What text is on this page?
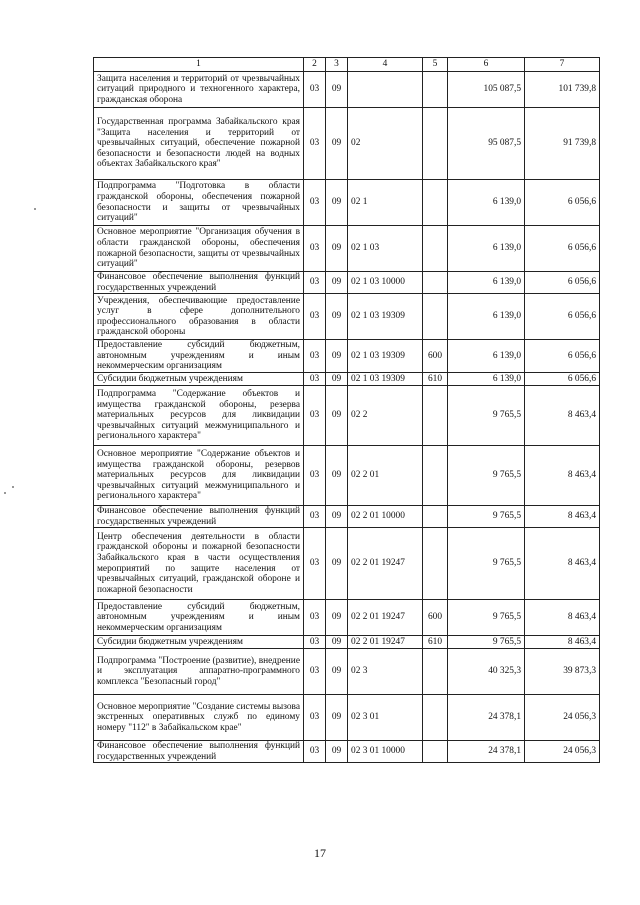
1	2	3	4	5	6	7
Защита населения и территорий от чрезвычайных ситуаций природного и техногенного характера, гражданская оборона	03	09			105 087,5	101 739,8
Государственная программа Забайкальского края "Защита населения и территорий от чрезвычайных ситуаций, обеспечение пожарной безопасности и безопасности людей на водных объектах Забайкальского края"	03	09	02		95 087,5	91 739,8
Подпрограмма "Подготовка в области гражданской обороны, обеспечения пожарной безопасности и защиты от чрезвычайных ситуаций"	03	09	02 1		6 139,0	6 056,6
Основное мероприятие "Организация обучения в области гражданской обороны, обеспечения пожарной безопасности, защиты от чрезвычайных ситуаций"	03	09	02 1 03		6 139,0	6 056,6
Финансовое обеспечение выполнения функций государственных учреждений	03	09	02 1 03 10000		6 139,0	6 056,6
Учреждения, обеспечивающие предоставление услуг в сфере дополнительного профессионального образования в области гражданской обороны	03	09	02 1 03 19309		6 139,0	6 056,6
Предоставление субсидий бюджетным, автономным учреждениям и иным некоммерческим организациям	03	09	02 1 03 19309	600	6 139,0	6 056,6
Субсидии бюджетным учреждениям	03	09	02 1 03 19309	610	6 139,0	6 056,6
Подпрограмма "Содержание объектов и имущества гражданской обороны, резерва материальных ресурсов для ликвидации чрезвычайных ситуаций межмуниципального и регионального характера"	03	09	02 2		9 765,5	8 463,4
Основное мероприятие "Содержание объектов и имущества гражданской обороны, резервов материальных ресурсов для ликвидации чрезвычайных ситуаций межмуниципального и регионального характера"	03	09	02 2 01		9 765,5	8 463,4
Финансовое обеспечение выполнения функций государственных учреждений	03	09	02 2 01 10000		9 765,5	8 463,4
Центр обеспечения деятельности в области гражданской обороны и пожарной безопасности Забайкальского края в части осуществления мероприятий по защите населения от чрезвычайных ситуаций, гражданской обороне и пожарной безопасности	03	09	02 2 01 19247		9 765,5	8 463,4
Предоставление субсидий бюджетным, автономным учреждениям и иным некоммерческим организациям	03	09	02 2 01 19247	600	9 765,5	8 463,4
Субсидии бюджетным учреждениям	03	09	02 2 01 19247	610	9 765,5	8 463,4
Подпрограмма "Построение (развитие), внедрение и эксплуатация аппаратно-программного комплекса "Безопасный город"	03	09	02 3		40 325,3	39 873,3
Основное мероприятие "Создание системы вызова экстренных оперативных служб по единому номеру "112" в Забайкальском крае"	03	09	02 3 01		24 378,1	24 056,3
Финансовое обеспечение выполнения функций государственных учреждений	03	09	02 3 01 10000		24 378,1	24 056,3
17
